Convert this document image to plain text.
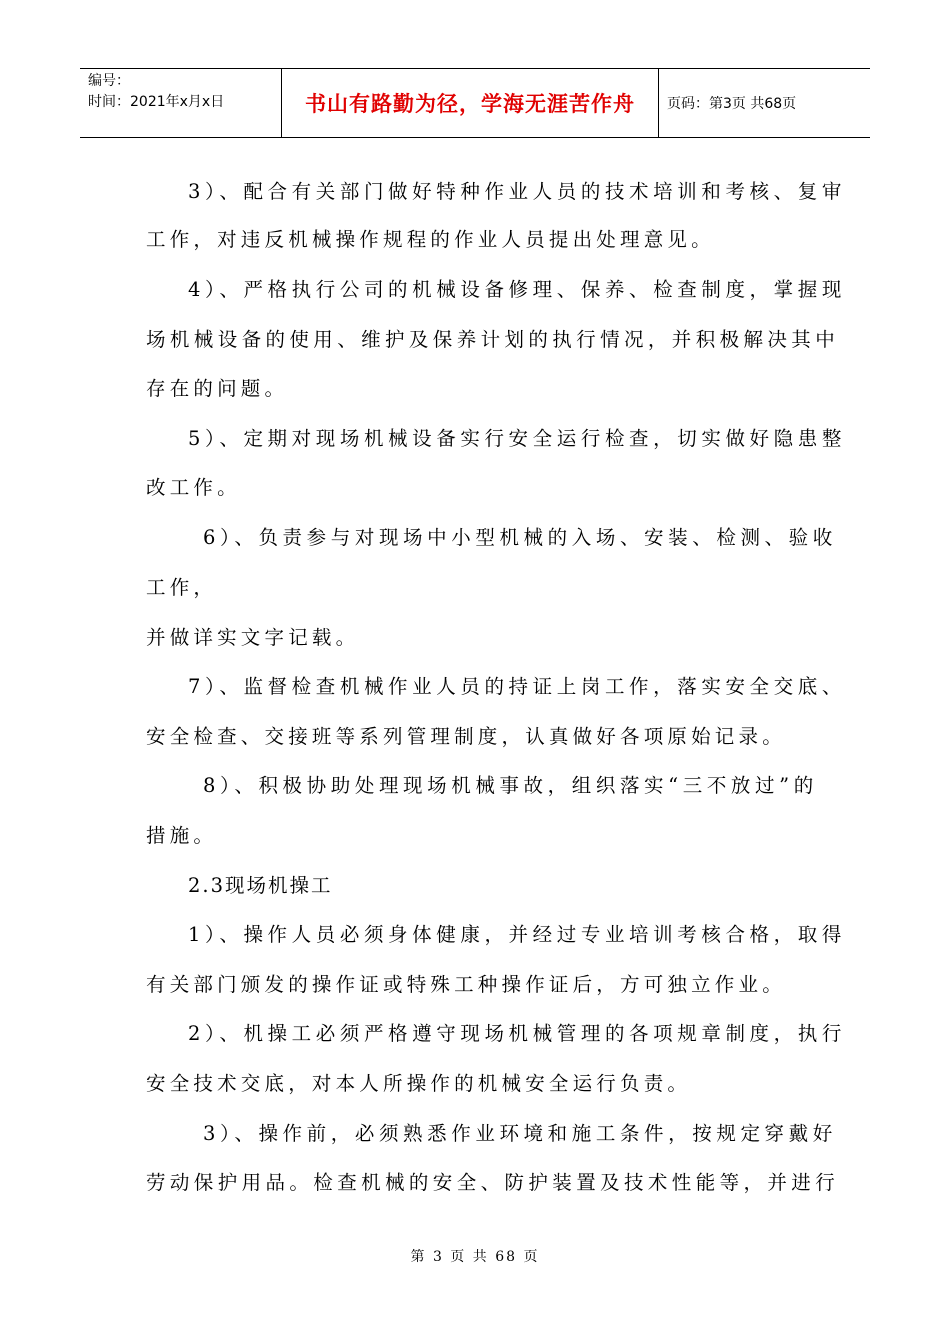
编号：
时间：2021年x月x日	书山有路勤为径，学海无涯苦作舟	页码：第3页 共68页
3）、配合有关部门做好特种作业人员的技术培训和考核、复审
工作，对违反机械操作规程的作业人员提出处理意见。
4）、严格执行公司的机械设备修理、保养、检查制度，掌握现
场机械设备的使用、维护及保养计划的执行情况，并积极解决其中
存在的问题。
5）、定期对现场机械设备实行安全运行检查，切实做好隐患整
改工作。
6）、负责参与对现场中小型机械的入场、安装、检测、验收
工作，
并做详实文字记载。
7）、监督检查机械作业人员的持证上岗工作，落实安全交底、
安全检查、交接班等系列管理制度，认真做好各项原始记录。
8）、积极协助处理现场机械事故，组织落实“三不放过”的
措施。
2.3现场机操工
1）、操作人员必须身体健康，并经过专业培训考核合格，取得
有关部门颁发的操作证或特殊工种操作证后，方可独立作业。
2）、机操工必须严格遵守现场机械管理的各项规章制度，执行
安全技术交底，对本人所操作的机械安全运行负责。
3）、操作前，必须熟悉作业环境和施工条件，按规定穿戴好
劳动保护用品。检查机械的安全、防护装置及技术性能等，并进行
第 3 页 共 68 页
